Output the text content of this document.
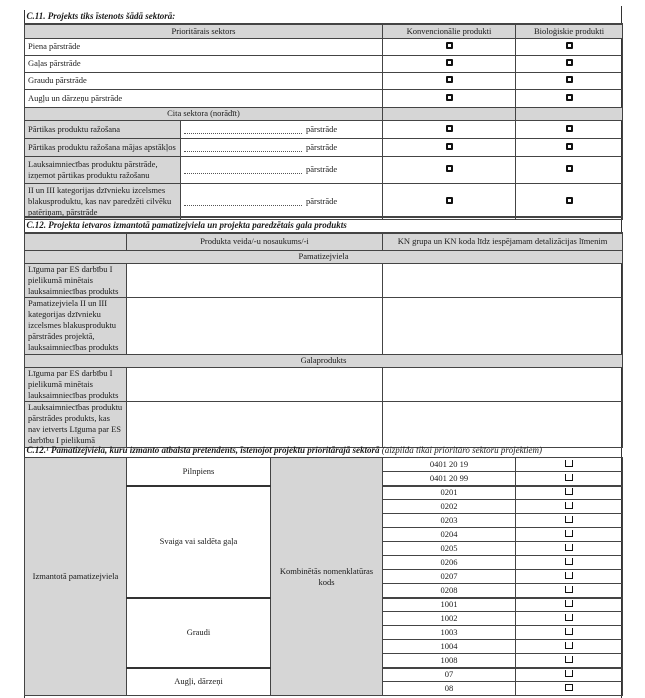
C.11. Projekts tiks īstenots šādā sektorā:			
Prioritārais sektors		Konvencionālie produkti	Bioloģiskie produkti
Piena pārstrāde			
Gaļas pārstrāde			
Graudu pārstrāde			
Augļu un dārzeņu pārstrāde			
Cita sektora (norādīt)			
Pārtikas produktu ražošana	pārstrāde		
Pārtikas produktu ražošana mājas apstākļos	pārstrāde		
Lauksaimniecības produktu pārstrāde, izņemot pārtikas produktu ražošanu	pārstrāde		
II un III kategorijas dzīvnieku izcelsmes blakusproduktu, kas nav paredzēti cilvēku patēriņam, pārstrāde	pārstrāde		
C.12. Projekta ietvaros izmantotā pamatizejviela un projekta paredzētais gala produkts		
	Produkta veida/-u nosaukums/-i	KN grupa un KN koda līdz iespējamam detalizācijas līmenim
Pamatizejviela		
Līguma par ES darbību I pielikumā minētais lauksaimniecības produkts		
Pamatizejviela II un III kategorijas dzīvnieku izcelsmes blakusproduktu pārstrādes projektā, lauksaimniecības produkts		
Galaprodukts		
Līguma par ES darbību I pielikumā minētais lauksaimniecības produkts		
Lauksaimniecības produktu pārstrādes produkts, kas nav ietverts Līguma par ES darbību I pielikumā		
C.12.¹ Pamatizejviela, kuru izmanto atbalsta pretendents, īstenojot projektu prioritārajā sektorā (aizpilda tikai prioritāro sektoru projektiem)				
Izmantotā pamatizejviela	Pilnpiens	Kombinētās nomenklatūras kods	0401 20 19	
			0401 20 99	
	Svaiga vai saldēta gaļa		0201	
			0202	
			0203	
			0204	
			0205	
			0206	
			0207	
			0208	
	Graudi		1001	
			1002	
			1003	
			1004	
			1008	
	Augļi, dārzeņi		07	
			08	
